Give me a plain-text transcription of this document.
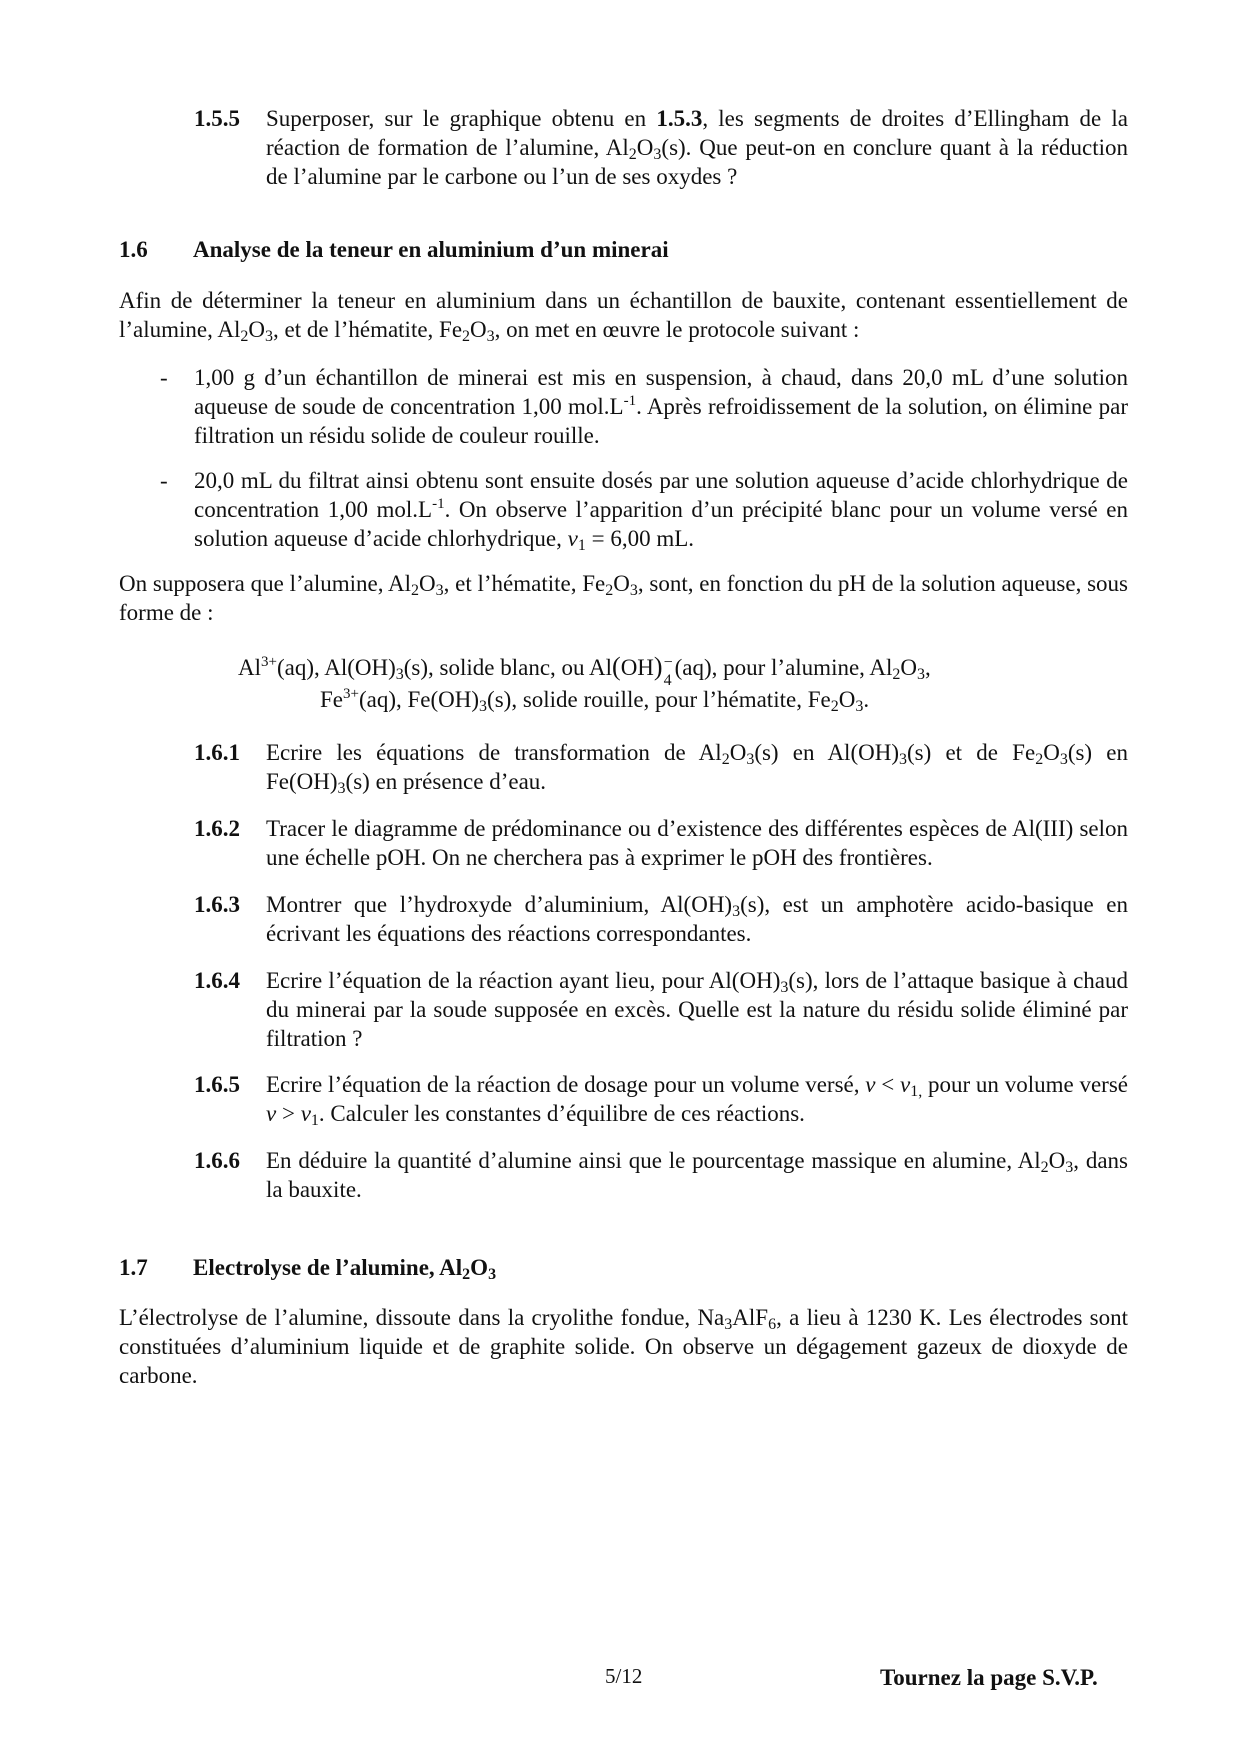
1.5.5 Superposer, sur le graphique obtenu en 1.5.3, les segments de droites d’Ellingham de la réaction de formation de l’alumine, $Al_2O_3(s)$. Que peut-on en conclure quant à la réduction de l’alumine par le carbone ou l’un de ses oxydes ?
1.6 Analyse de la teneur en aluminium d’un minerai
Afin de déterminer la teneur en aluminium dans un échantillon de bauxite, contenant essentiellement de l’alumine, $Al_2O_3$, et de l’hématite, $Fe_2O_3$, on met en œuvre le protocole suivant :
- 1,00 g d’un échantillon de minerai est mis en suspension, à chaud, dans 20,0 mL d’une solution aqueuse de soude de concentration 1,00 $mol.L^{-1}$. Après refroidissement de la solution, on élimine par filtration un résidu solide de couleur rouille.
- 20,0 mL du filtrat ainsi obtenu sont ensuite dosés par une solution aqueuse d’acide chlorhydrique de concentration 1,00 $mol.L^{-1}$. On observe l’apparition d’un précipité blanc pour un volume versé en solution aqueuse d’acide chlorhydrique, $v_1 = 6,00$ mL.
On supposera que l’alumine, $Al_2O_3$, et l’hématite, $Fe_2O_3$, sont, en fonction du pH de la solution aqueuse, sous forme de :
$Al^{3+}(aq)$, $Al(OH)_3(s)$, solide blanc, ou Al(OH) −
4
(aq), pour l’alumine, $Al_2O_3$,
$Fe^{3+}(aq)$, $Fe(OH)_3(s)$, solide rouille, pour l’hématite, $Fe_2O_3$.
1.6.1 Ecrire les équations de transformation de $Al_2O_3(s)$ en $Al(OH)_3(s)$ et de $Fe_2O_3(s)$ en $Fe(OH)_3(s)$ en présence d’eau.
1.6.2 Tracer le diagramme de prédominance ou d’existence des différentes espèces de Al(III) selon une échelle pOH. On ne cherchera pas à exprimer le pOH des frontières.
1.6.3 Montrer que l’hydroxyde d’aluminium, $Al(OH)_3(s)$, est un amphotère acido-basique en écrivant les équations des réactions correspondantes.
1.6.4 Ecrire l’équation de la réaction ayant lieu, pour $Al(OH)_3(s)$, lors de l’attaque basique à chaud du minerai par la soude supposée en excès. Quelle est la nature du résidu solide éliminé par filtration ?
1.6.5 Ecrire l’équation de la réaction de dosage pour un volume versé, $v < v_{1,}$ pour un volume versé $v > v_1$. Calculer les constantes d’équilibre de ces réactions.
1.6.6 En déduire la quantité d’alumine ainsi que le pourcentage massique en alumine, $Al_2O_3$, dans la bauxite.
1.7 Electrolyse de l’alumine, $Al_2O_3$
L’électrolyse de l’alumine, dissoute dans la cryolithe fondue, $Na_3AlF_6$, a lieu à 1230 K. Les électrodes sont constituées d’aluminium liquide et de graphite solide. On observe un dégagement gazeux de dioxyde de carbone.
5/12	Tournez la page S.V.P.
